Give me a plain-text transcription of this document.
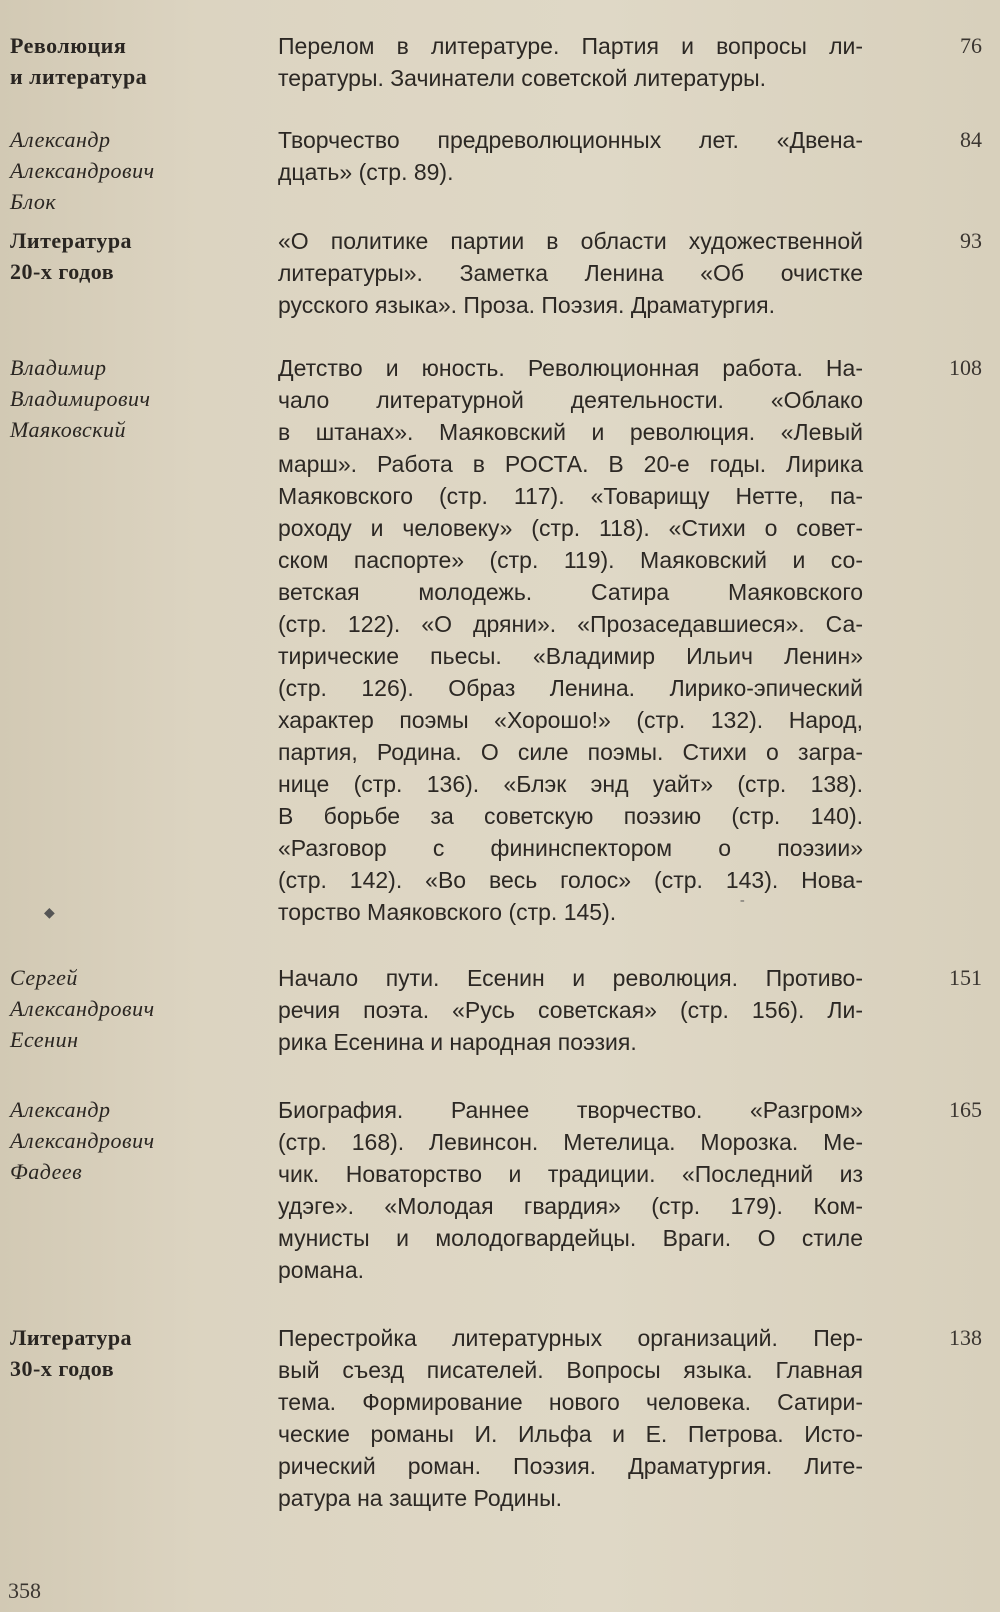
Революция
и литература
Перелом в литературе. Партия и вопросы ли-
тературы. Зачинатели советской литературы.
76
Александр
Александрович
Блок
Творчество предреволюционных лет. «Двена-
дцать» (стр. 89).
84
Литература
20-х годов
«О политике партии в области художественной
литературы». Заметка Ленина «Об очистке
русского языка». Проза. Поэзия. Драматургия.
93
Владимир
Владимирович
Маяковский
Детство и юность. Революционная работа. На-
чало литературной деятельности. «Облако
в штанах». Маяковский и революция. «Левый
марш». Работа в РОСТА. В 20-е годы. Лирика
Маяковского (стр. 117). «Товарищу Нетте, па-
роходу и человеку» (стр. 118). «Стихи о совет-
ском паспорте» (стр. 119). Маяковский и со-
ветская молодежь. Сатира Маяковского
(стр. 122). «О дряни». «Прозаседавшиеся». Са-
тирические пьесы. «Владимир Ильич Ленин»
(стр. 126). Образ Ленина. Лирико-эпический
характер поэмы «Хорошо!» (стр. 132). Народ,
партия, Родина. О силе поэмы. Стихи о загра-
нице (стр. 136). «Блэк энд уайт» (стр. 138).
В борьбе за советскую поэзию (стр. 140).
«Разговор с фининспектором о поэзии»
(стр. 142). «Во весь голос» (стр. 143). Нова-
торство Маяковского (стр. 145).
108
Сергей
Александрович
Есенин
Начало пути. Есенин и революция. Противо-
речия поэта. «Русь советская» (стр. 156). Ли-
рика Есенина и народная поэзия.
151
Александр
Александрович
Фадеев
Биография. Раннее творчество. «Разгром»
(стр. 168). Левинсон. Метелица. Морозка. Ме-
чик. Новаторство и традиции. «Последний из
удэге». «Молодая гвардия» (стр. 179). Ком-
мунисты и молодогвардейцы. Враги. О стиле
романа.
165
Литература
30-х годов
Перестройка литературных организаций. Пер-
вый съезд писателей. Вопросы языка. Главная
тема. Формирование нового человека. Сатири-
ческие романы И. Ильфа и Е. Петрова. Исто-
рический роман. Поэзия. Драматургия. Лите-
ратура на защите Родины.
138
◆
-
358
